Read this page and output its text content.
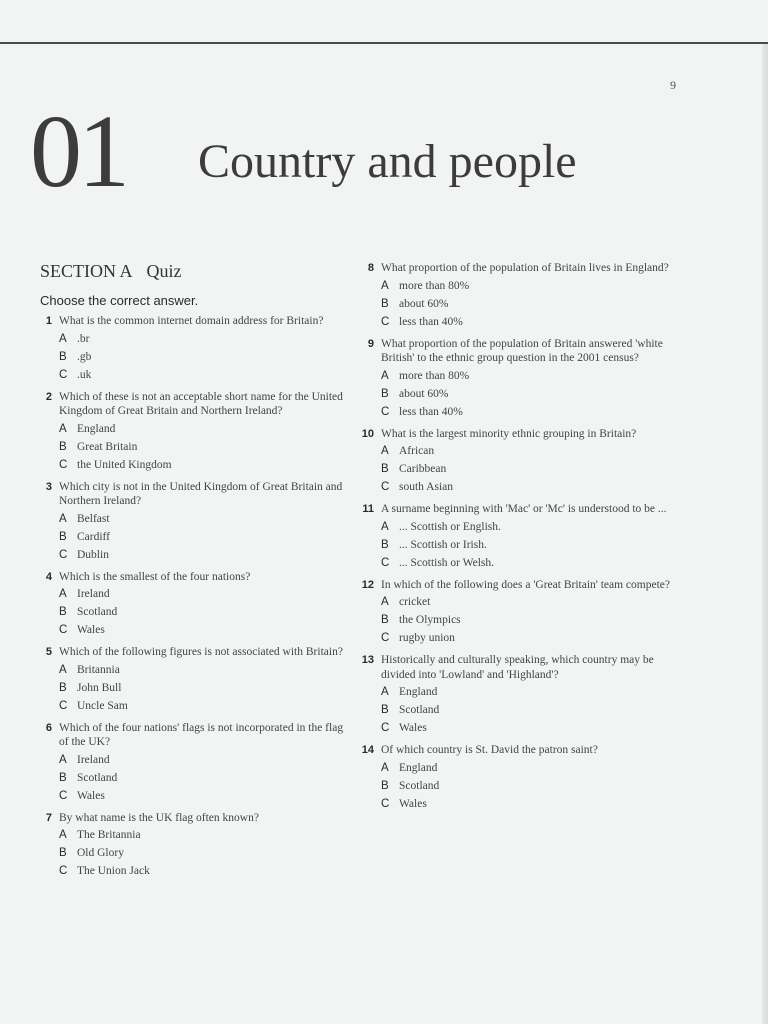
9
01 Country and people
SECTION A Quiz
Choose the correct answer.
1 What is the common internet domain address for Britain?
A .br
B .gb
C .uk
2 Which of these is not an acceptable short name for the United Kingdom of Great Britain and Northern Ireland?
A England
B Great Britain
C the United Kingdom
3 Which city is not in the United Kingdom of Great Britain and Northern Ireland?
A Belfast
B Cardiff
C Dublin
4 Which is the smallest of the four nations?
A Ireland
B Scotland
C Wales
5 Which of the following figures is not associated with Britain?
A Britannia
B John Bull
C Uncle Sam
6 Which of the four nations' flags is not incorporated in the flag of the UK?
A Ireland
B Scotland
C Wales
7 By what name is the UK flag often known?
A The Britannia
B Old Glory
C The Union Jack
8 What proportion of the population of Britain lives in England?
A more than 80%
B about 60%
C less than 40%
9 What proportion of the population of Britain answered 'white British' to the ethnic group question in the 2001 census?
A more than 80%
B about 60%
C less than 40%
10 What is the largest minority ethnic grouping in Britain?
A African
B Caribbean
C south Asian
11 A surname beginning with 'Mac' or 'Mc' is understood to be ...
A ... Scottish or English.
B ... Scottish or Irish.
C ... Scottish or Welsh.
12 In which of the following does a 'Great Britain' team compete?
A cricket
B the Olympics
C rugby union
13 Historically and culturally speaking, which country may be divided into 'Lowland' and 'Highland'?
A England
B Scotland
C Wales
14 Of which country is St. David the patron saint?
A England
B Scotland
C Wales
